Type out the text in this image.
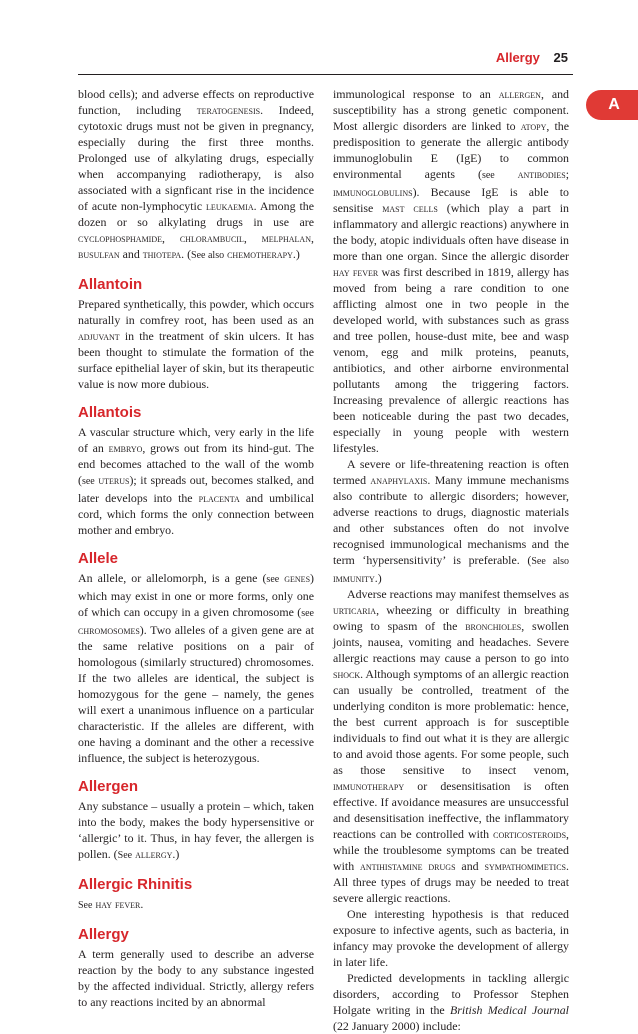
Allergy 25
A

blood cells); and adverse effects on reproductive function, including teratogenesis. Indeed, cytotoxic drugs must not be given in pregnancy, especially during the first three months. Prolonged use of alkylating drugs, especially when accompanying radiotherapy, is also associated with a signficant rise in the incidence of acute non-lymphocytic leukaemia. Among the dozen or so alkylating drugs in use are cyclophosphamide, chlorambucil, melphalan, busulfan and thiotepa. (See also chemotherapy.)

Allantoin

Prepared synthetically, this powder, which occurs naturally in comfrey root, has been used as an adjuvant in the treatment of skin ulcers. It has been thought to stimulate the formation of the surface epithelial layer of skin, but its therapeutic value is now more dubious.

Allantois

A vascular structure which, very early in the life of an embryo, grows out from its hind-gut. The end becomes attached to the wall of the womb (see uterus); it spreads out, becomes stalked, and later develops into the placenta and umbilical cord, which forms the only connection between mother and embryo.

Allele

An allele, or allelomorph, is a gene (see genes) which may exist in one or more forms, only one of which can occupy in a given chromosome (see chromosomes). Two alleles of a given gene are at the same relative positions on a pair of homologous (similarly structured) chromosomes. If the two alleles are identical, the subject is homozygous for the gene – namely, the genes will exert a unanimous influence on a particular characteristic. If the alleles are different, with one having a dominant and the other a recessive influence, the subject is heterozygous.

Allergen

Any substance – usually a protein – which, taken into the body, makes the body hypersensitive or ‘allergic’ to it. Thus, in hay fever, the allergen is pollen. (See allergy.)

Allergic Rhinitis

See hay fever.

Allergy

A term generally used to describe an adverse reaction by the body to any substance ingested by the affected individual. Strictly, allergy refers to any reactions incited by an abnormal

immunological response to an allergen, and susceptibility has a strong genetic component. Most allergic disorders are linked to atopy, the predisposition to generate the allergic antibody immunoglobulin E (IgE) to common environmental agents (see antibodies; immunoglobulins). Because IgE is able to sensitise mast cells (which play a part in inflammatory and allergic reactions) anywhere in the body, atopic individuals often have disease in more than one organ. Since the allergic disorder hay fever was first described in 1819, allergy has moved from being a rare condition to one afflicting almost one in two people in the developed world, with substances such as grass and tree pollen, house-dust mite, bee and wasp venom, egg and milk proteins, peanuts, antibiotics, and other airborne environmental pollutants among the triggering factors. Increasing prevalence of allergic reactions has been noticeable during the past two decades, especially in young people with western lifestyles.

A severe or life-threatening reaction is often termed anaphylaxis. Many immune mechanisms also contribute to allergic disorders; however, adverse reactions to drugs, diagnostic materials and other substances often do not involve recognised immunological mechanisms and the term ‘hypersensitivity’ is preferable. (See also immunity.)

Adverse reactions may manifest themselves as urticaria, wheezing or difficulty in breathing owing to spasm of the bronchioles, swollen joints, nausea, vomiting and headaches. Severe allergic reactions may cause a person to go into shock. Although symptoms of an allergic reaction can usually be controlled, treatment of the underlying conditon is more problematic: hence, the best current approach is for susceptible individuals to find out what it is they are allergic to and avoid those agents. For some people, such as those sensitive to insect venom, immunotherapy or desensitisation is often effective. If avoidance measures are unsuccessful and desensitisation ineffective, the inflammatory reactions can be controlled with corticosteroids, while the troublesome symptoms can be treated with antihistamine drugs and sympathomimetics. All three types of drugs may be needed to treat severe allergic reactions.

One interesting hypothesis is that reduced exposure to infective agents, such as bacteria, in infancy may provoke the development of allergy in later life.

Predicted developments in tackling allergic disorders, according to Professor Stephen Holgate writing in the British Medical Journal (22 January 2000) include:
